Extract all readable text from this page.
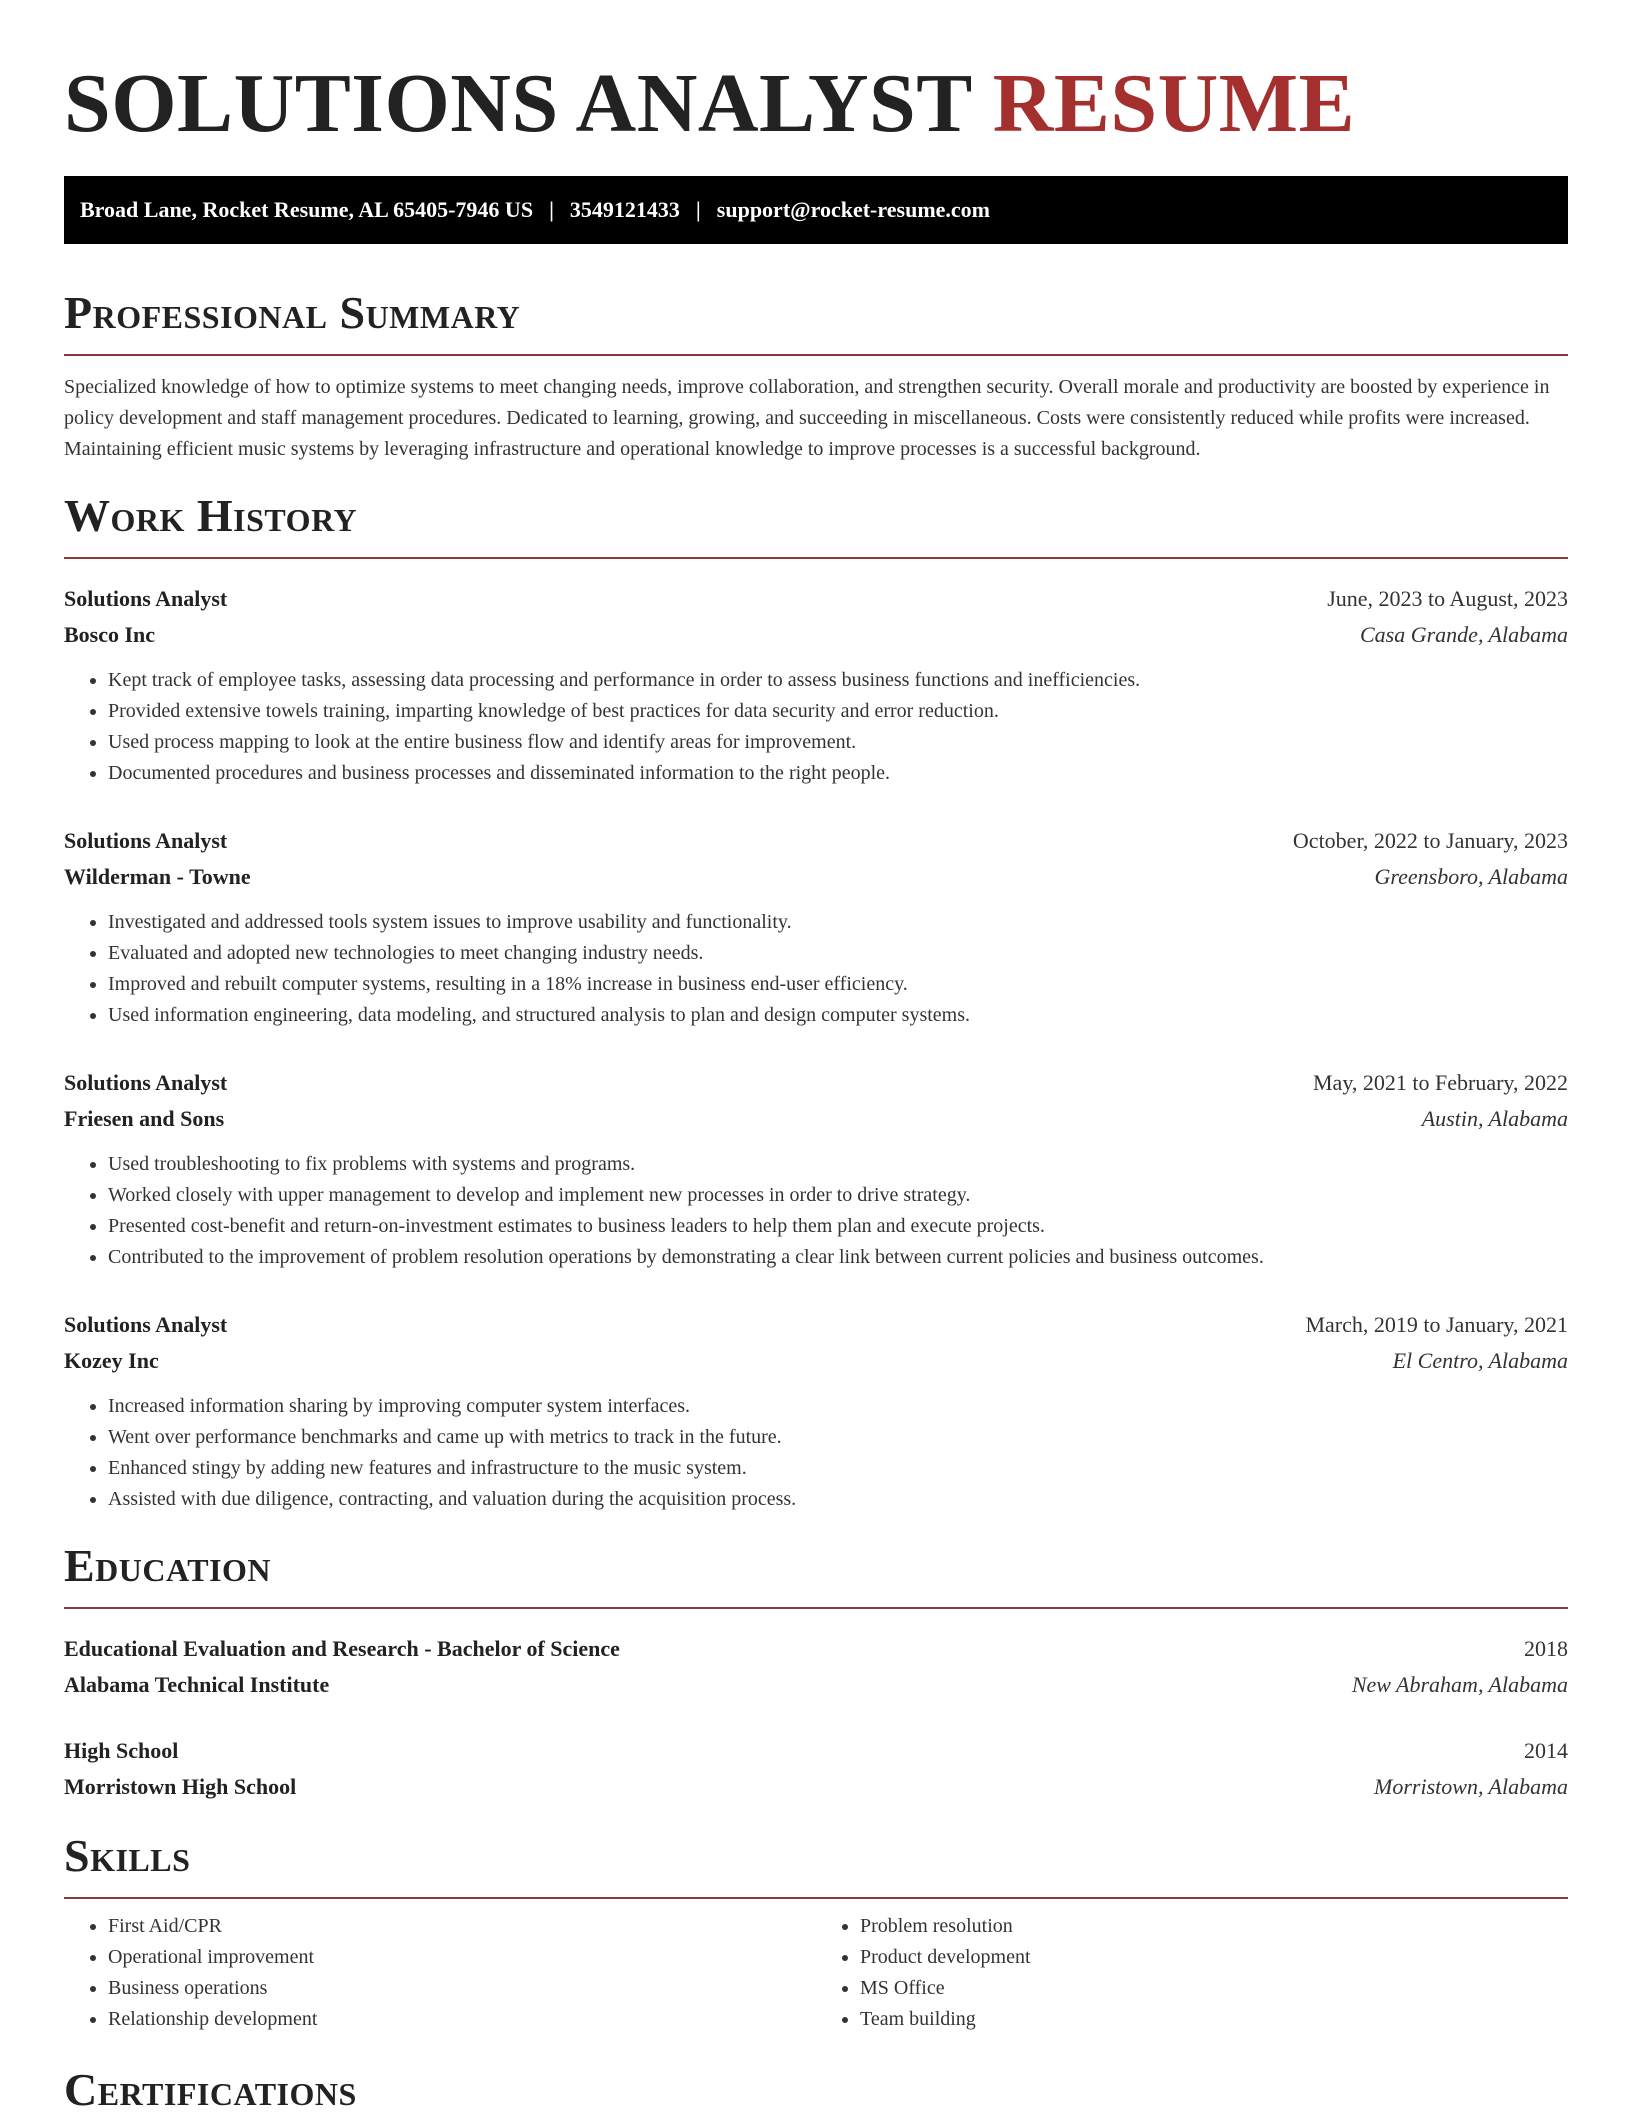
SOLUTIONS ANALYST RESUME
Broad Lane, Rocket Resume, AL 65405-7946 US | 3549121433 | support@rocket-resume.com
Professional Summary

Specialized knowledge of how to optimize systems to meet changing needs, improve collaboration, and strengthen security. Overall morale and productivity are boosted by experience in policy development and staff management procedures. Dedicated to learning, growing, and succeeding in miscellaneous. Costs were consistently reduced while profits were increased. Maintaining efficient music systems by leveraging infrastructure and operational knowledge to improve processes is a successful background.

Work History
Solutions Analyst	June, 2023 to August, 2023
Bosco Inc	Casa Grande, Alabama
• Kept track of employee tasks, assessing data processing and performance in order to assess business functions and inefficiencies.
• Provided extensive towels training, imparting knowledge of best practices for data security and error reduction.
• Used process mapping to look at the entire business flow and identify areas for improvement.
• Documented procedures and business processes and disseminated information to the right people.
Solutions Analyst	October, 2022 to January, 2023
Wilderman - Towne	Greensboro, Alabama
• Investigated and addressed tools system issues to improve usability and functionality.
• Evaluated and adopted new technologies to meet changing industry needs.
• Improved and rebuilt computer systems, resulting in a 18% increase in business end-user efficiency.
• Used information engineering, data modeling, and structured analysis to plan and design computer systems.
Solutions Analyst	May, 2021 to February, 2022
Friesen and Sons	Austin, Alabama
• Used troubleshooting to fix problems with systems and programs.
• Worked closely with upper management to develop and implement new processes in order to drive strategy.
• Presented cost-benefit and return-on-investment estimates to business leaders to help them plan and execute projects.
• Contributed to the improvement of problem resolution operations by demonstrating a clear link between current policies and business outcomes.
Solutions Analyst	March, 2019 to January, 2021
Kozey Inc	El Centro, Alabama
• Increased information sharing by improving computer system interfaces.
• Went over performance benchmarks and came up with metrics to track in the future.
• Enhanced stingy by adding new features and infrastructure to the music system.
• Assisted with due diligence, contracting, and valuation during the acquisition process.
Education
Educational Evaluation and Research - Bachelor of Science	2018
Alabama Technical Institute	New Abraham, Alabama
High School	2014
Morristown High School	Morristown, Alabama
Skills
• First Aid/CPR
• Operational improvement
• Business operations
• Relationship development
• Problem resolution
• Product development
• MS Office
• Team building
Certifications
